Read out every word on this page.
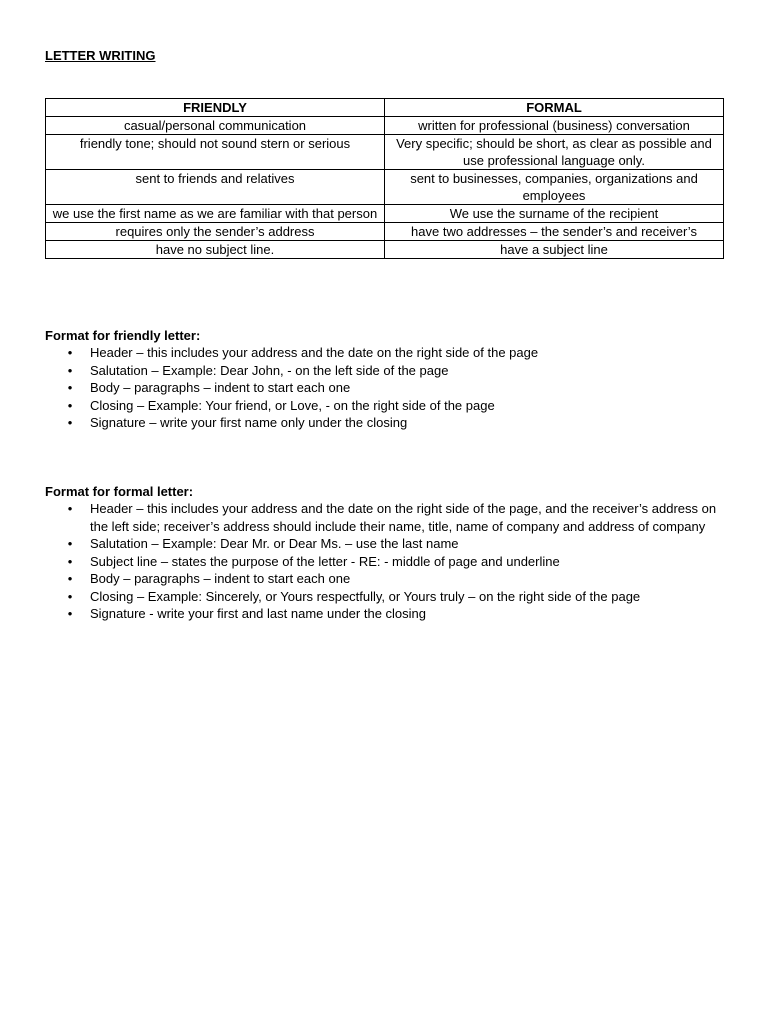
LETTER WRITING
FRIENDLY	FORMAL
casual/personal communication	written for professional (business) conversation
friendly tone; should not sound stern or serious	Very specific; should be short, as clear as possible and use professional language only.
sent to friends and relatives	sent to businesses, companies, organizations and employees
we use the first name as we are familiar with that person	We use the surname of the recipient
requires only the sender’s address	have two addresses – the sender’s and receiver’s
have no subject line.	have a subject line
Format for friendly letter:
• Header – this includes your address and the date on the right side of the page
• Salutation – Example: Dear John, - on the left side of the page
• Body – paragraphs – indent to start each one
• Closing – Example: Your friend, or Love, - on the right side of the page
• Signature – write your first name only under the closing
Format for formal letter:
• Header – this includes your address and the date on the right side of the page, and the receiver’s address on the left side; receiver’s address should include their name, title, name of company and address of company
• Salutation – Example: Dear Mr. or Dear Ms. – use the last name
• Subject line – states the purpose of the letter - RE: - middle of page and underline
• Body – paragraphs – indent to start each one
• Closing – Example: Sincerely, or Yours respectfully, or Yours truly – on the right side of the page
• Signature - write your first and last name under the closing
